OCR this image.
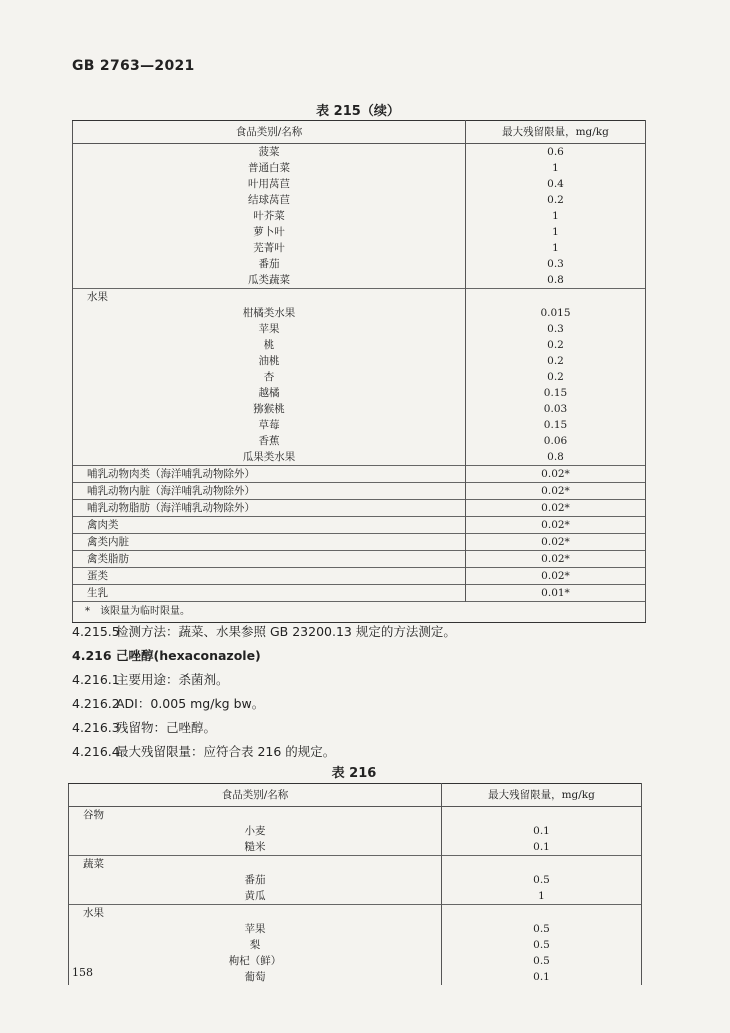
GB 2763—2021
表 215（续）
食品类别/名称	最大残留限量，mg/kg
菠菜	0.6
普通白菜	1
叶用莴苣	0.4
结球莴苣	0.2
叶芥菜	1
萝卜叶	1
芜菁叶	1
番茄	0.3
瓜类蔬菜	0.8
水果	
柑橘类水果	0.015
苹果	0.3
桃	0.2
油桃	0.2
杏	0.2
越橘	0.15
猕猴桃	0.03
草莓	0.15
香蕉	0.06
瓜果类水果	0.8
哺乳动物肉类（海洋哺乳动物除外）	0.02*
哺乳动物内脏（海洋哺乳动物除外）	0.02*
哺乳动物脂肪（海洋哺乳动物除外）	0.02*
禽肉类	0.02*
禽类内脏	0.02*
禽类脂肪	0.02*
蛋类	0.02*
生乳	0.01*
*　该限量为临时限量。	
4.215.5检测方法：蔬菜、水果参照 GB 23200.13 规定的方法测定。
4.216 己唑醇(hexaconazole)
4.216.1主要用途：杀菌剂。
4.216.2ADI：0.005 mg/kg bw。
4.216.3残留物：己唑醇。
4.216.4最大残留限量：应符合表 216 的规定。
表 216
食品类别/名称	最大残留限量，mg/kg
谷物	
小麦	0.1
糙米	0.1
蔬菜	
番茄	0.5
黄瓜	1
水果	
苹果	0.5
梨	0.5
枸杞（鲜）	0.5
葡萄	0.1
158
